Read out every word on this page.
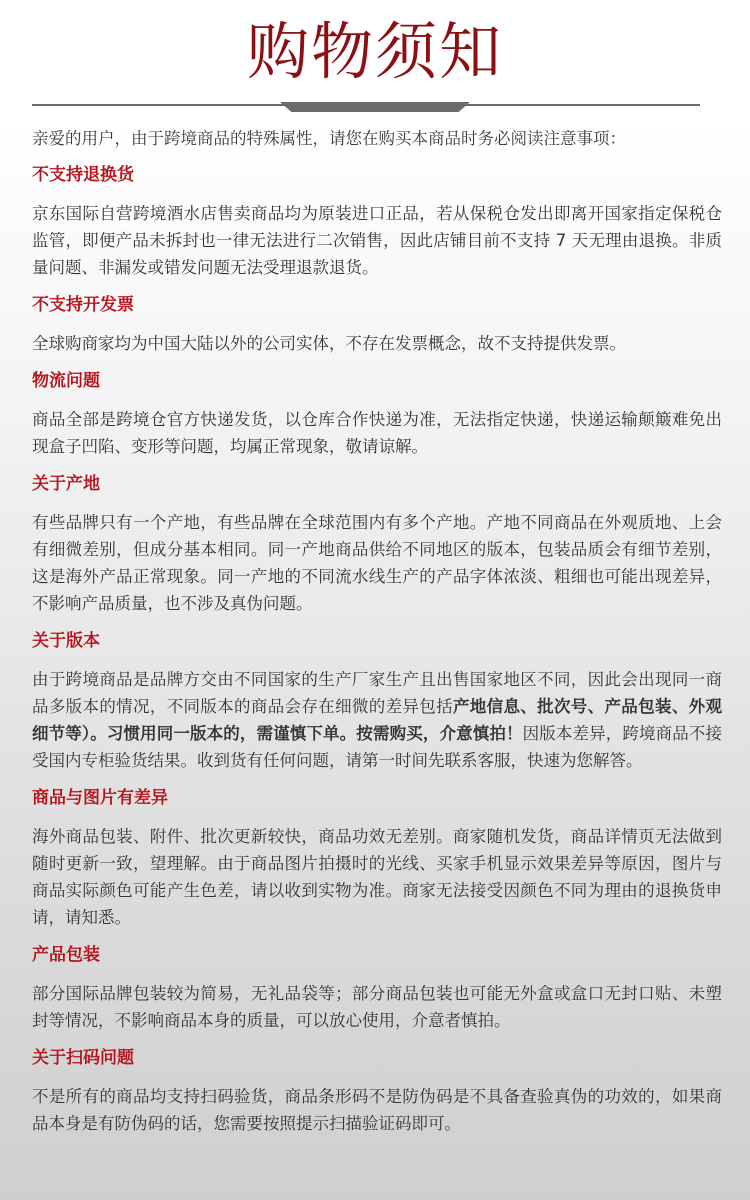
购物须知

亲爱的用户，由于跨境商品的特殊属性，请您在购买本商品时务必阅读注意事项：

不支持退换货

京东国际自营跨境酒水店售卖商品均为原装进口正品，若从保税仓发出即离开国家指定保税仓监管，即便产品未拆封也一律无法进行二次销售，因此店铺目前不支持 7 天无理由退换。非质量问题、非漏发或错发问题无法受理退款退货。

不支持开发票

全球购商家均为中国大陆以外的公司实体，不存在发票概念，故不支持提供发票。

物流问题

商品全部是跨境仓官方快递发货，以仓库合作快递为准，无法指定快递，快递运输颠簸难免出现盒子凹陷、变形等问题，均属正常现象，敬请谅解。

关于产地

有些品牌只有一个产地，有些品牌在全球范围内有多个产地。产地不同商品在外观质地、上会有细微差别，但成分基本相同。同一产地商品供给不同地区的版本，包装品质会有细节差别，这是海外产品正常现象。同一产地的不同流水线生产的产品字体浓淡、粗细也可能出现差异，不影响产品质量，也不涉及真伪问题。

关于版本

由于跨境商品是品牌方交由不同国家的生产厂家生产且出售国家地区不同，因此会出现同一商品多版本的情况，不同版本的商品会存在细微的差异包括产地信息、批次号、产品包装、外观细节等）。习惯用同一版本的，需谨慎下单。按需购买，介意慎拍！因版本差异，跨境商品不接受国内专柜验货结果。收到货有任何问题，请第一时间先联系客服，快速为您解答。

商品与图片有差异

海外商品包装、附件、批次更新较快，商品功效无差别。商家随机发货，商品详情页无法做到随时更新一致，望理解。由于商品图片拍摄时的光线、买家手机显示效果差异等原因，图片与商品实际颜色可能产生色差，请以收到实物为准。商家无法接受因颜色不同为理由的退换货申请，请知悉。

产品包装

部分国际品牌包装较为简易，无礼品袋等；部分商品包装也可能无外盒或盒口无封口贴、未塑封等情况，不影响商品本身的质量，可以放心使用，介意者慎拍。

关于扫码问题

不是所有的商品均支持扫码验货，商品条形码不是防伪码是不具备查验真伪的功效的，如果商品本身是有防伪码的话，您需要按照提示扫描验证码即可。
